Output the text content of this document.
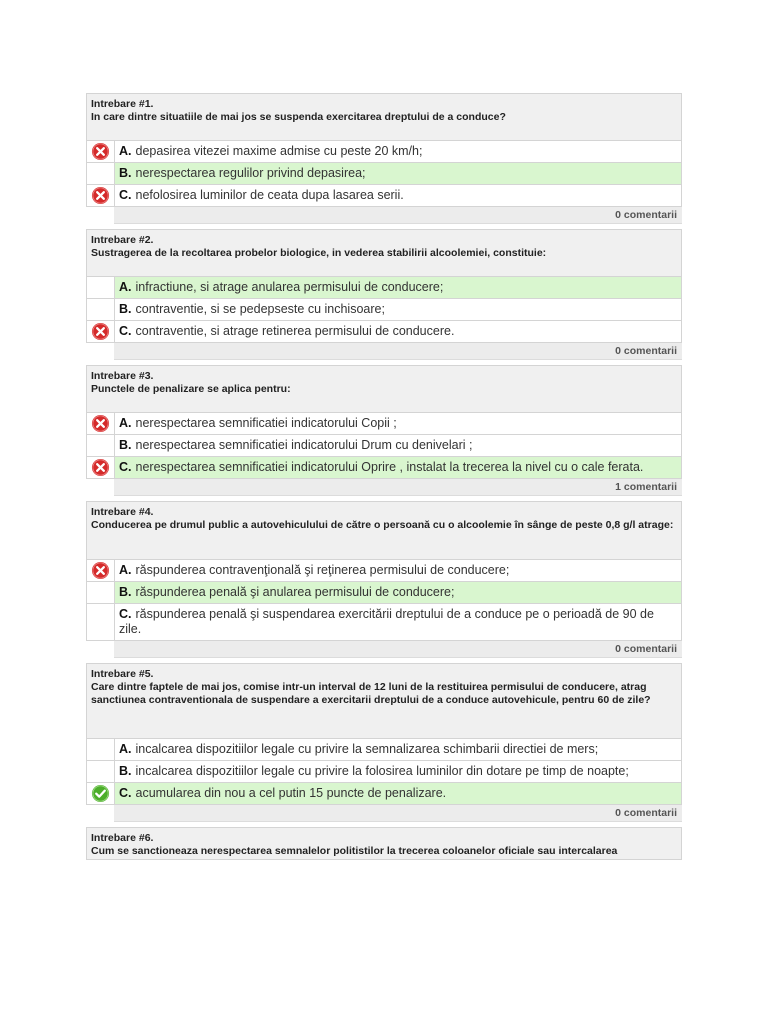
Intrebare #1.
In care dintre situatiile de mai jos se suspenda exercitarea dreptului de a conduce?
A. depasirea vitezei maxime admise cu peste 20 km/h;
B. nerespectarea regulilor privind depasirea;
C. nefolosirea luminilor de ceata dupa lasarea serii.
0 comentarii
Intrebare #2.
Sustragerea de la recoltarea probelor biologice, in vederea stabilirii alcoolemiei, constituie:
A. infractiune, si atrage anularea permisului de conducere;
B. contraventie, si se pedepseste cu inchisoare;
C. contraventie, si atrage retinerea permisului de conducere.
0 comentarii
Intrebare #3.
Punctele de penalizare se aplica pentru:
A. nerespectarea semnificatiei indicatorului Copii ;
B. nerespectarea semnificatiei indicatorului Drum cu denivelari ;
C. nerespectarea semnificatiei indicatorului Oprire , instalat la trecerea la nivel cu o cale ferata.
1 comentarii
Intrebare #4.
Conducerea pe drumul public a autovehiculului de către o persoană cu o alcoolemie în sânge de peste 0,8 g/l atrage:
A. răspunderea contravenţională şi reţinerea permisului de conducere;
B. răspunderea penală şi anularea permisului de conducere;
C. răspunderea penală şi suspendarea exercitării dreptului de a conduce pe o perioadă de 90 de zile.
0 comentarii
Intrebare #5.
Care dintre faptele de mai jos, comise intr-un interval de 12 luni de la restituirea permisului de conducere, atrag sanctiunea contraventionala de suspendare a exercitarii dreptului de a conduce autovehicule, pentru 60 de zile?
A. incalcarea dispozitiilor legale cu privire la semnalizarea schimbarii directiei de mers;
B. incalcarea dispozitiilor legale cu privire la folosirea luminilor din dotare pe timp de noapte;
C. acumularea din nou a cel putin 15 puncte de penalizare.
0 comentarii
Intrebare #6.
Cum se sanctioneaza nerespectarea semnalelor politistilor la trecerea coloanelor oficiale sau intercalarea
